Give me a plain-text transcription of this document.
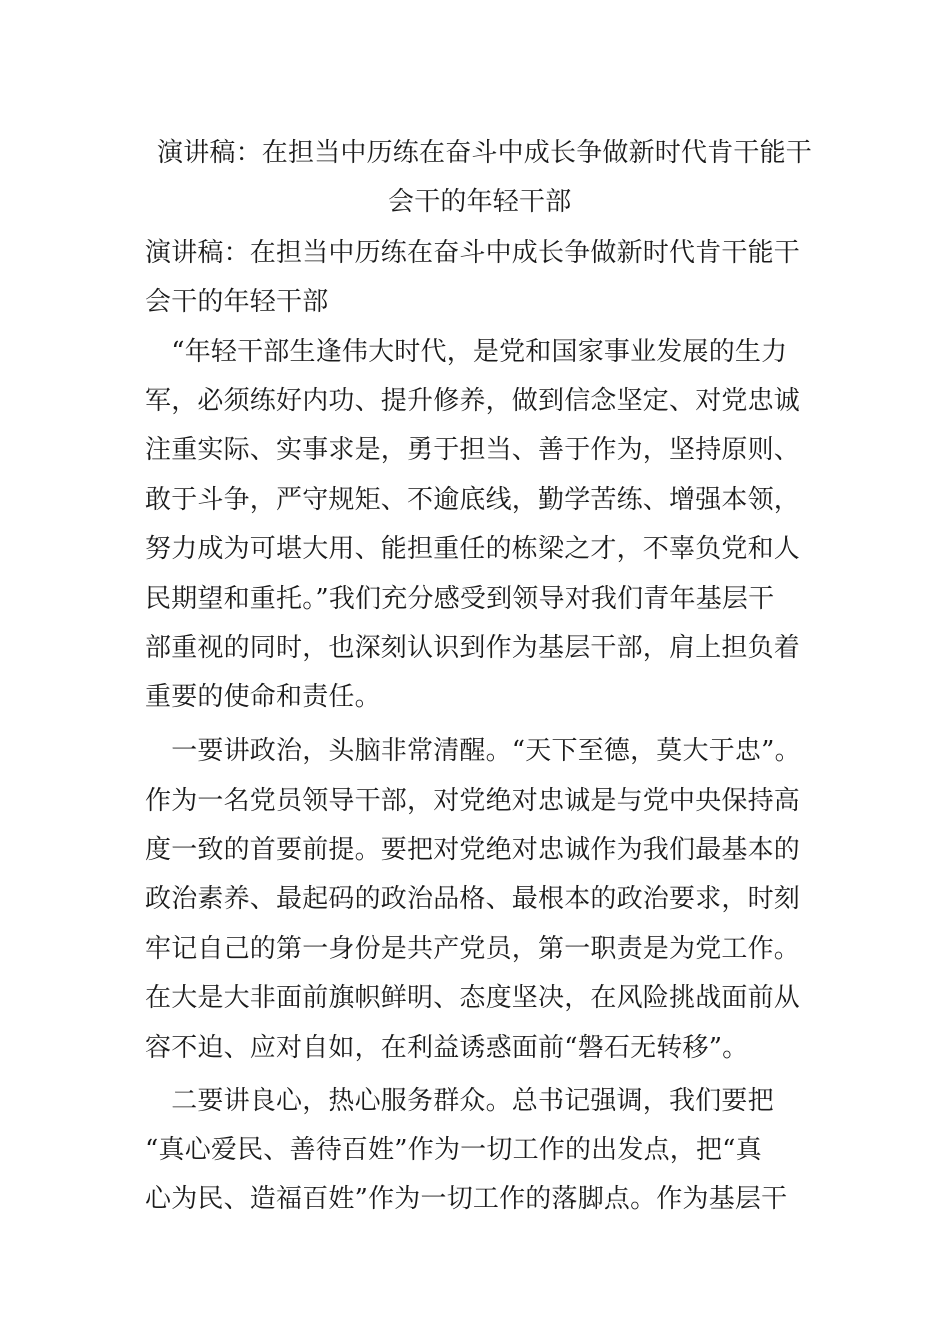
演讲稿：在担当中历练在奋斗中成长争做新时代肯干能干
会干的年轻干部
演讲稿：在担当中历练在奋斗中成长争做新时代肯干能干
会干的年轻干部
　“年轻干部生逢伟大时代，是党和国家事业发展的生力
军，必须练好内功、提升修养，做到信念坚定、对党忠诚
注重实际、实事求是，勇于担当、善于作为，坚持原则、
敢于斗争，严守规矩、不逾底线，勤学苦练、增强本领，
努力成为可堪大用、能担重任的栋梁之才，不辜负党和人
民期望和重托。”我们充分感受到领导对我们青年基层干
部重视的同时，也深刻认识到作为基层干部，肩上担负着
重要的使命和责任。
　一要讲政治，头脑非常清醒。“天下至德，莫大于忠”。
作为一名党员领导干部，对党绝对忠诚是与党中央保持高
度一致的首要前提。要把对党绝对忠诚作为我们最基本的
政治素养、最起码的政治品格、最根本的政治要求，时刻
牢记自己的第一身份是共产党员，第一职责是为党工作。
在大是大非面前旗帜鲜明、态度坚决，在风险挑战面前从
容不迫、应对自如，在利益诱惑面前“磐石无转移”。
　二要讲良心，热心服务群众。总书记强调，我们要把
“真心爱民、善待百姓”作为一切工作的出发点，把“真
心为民、造福百姓”作为一切工作的落脚点。作为基层干
